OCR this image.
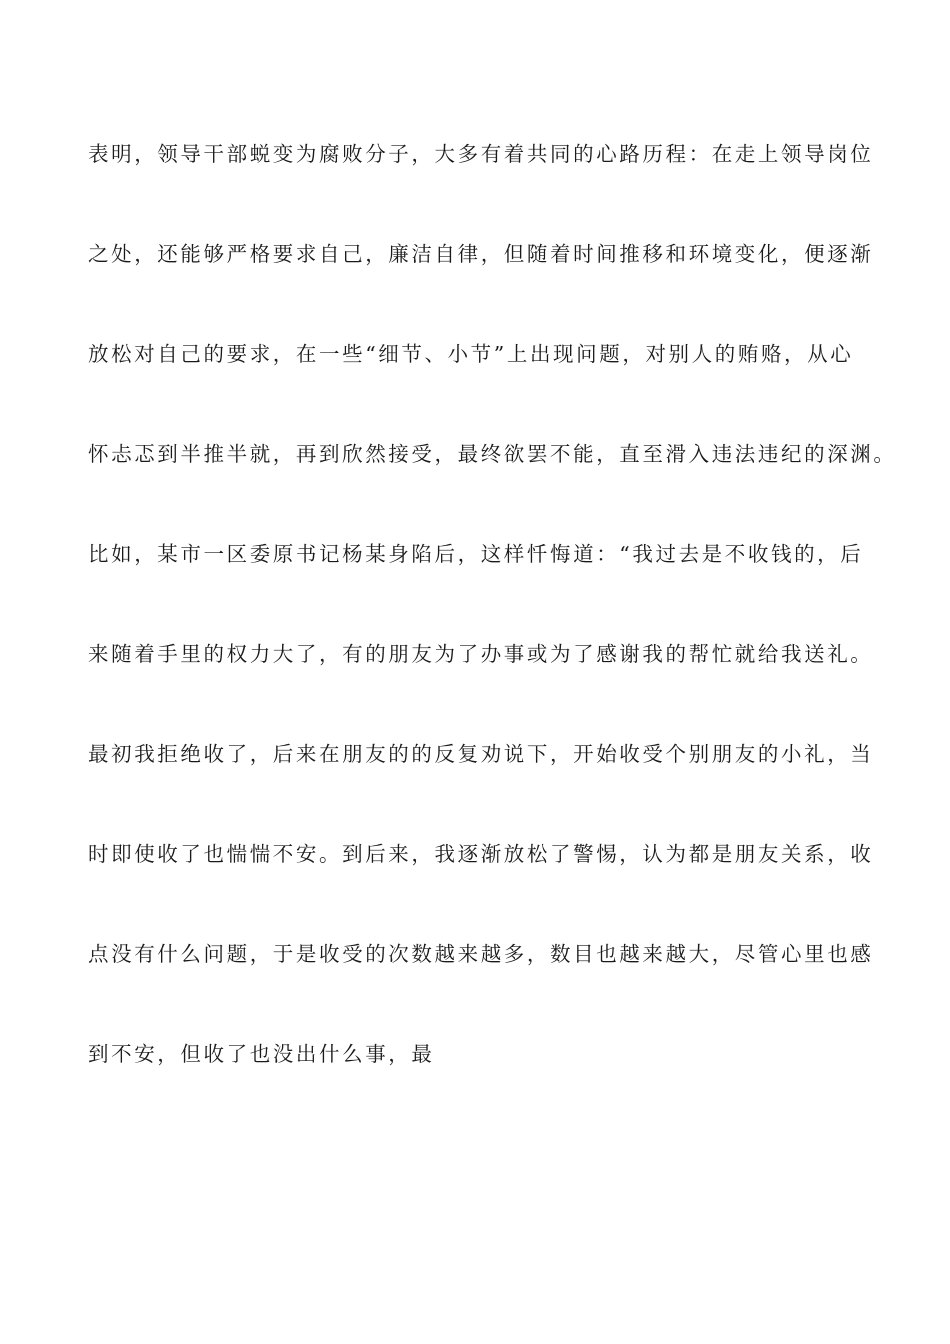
表明，领导干部蜕变为腐败分子，大多有着共同的心路历程：在走上领导岗位
之处，还能够严格要求自己，廉洁自律，但随着时间推移和环境变化，便逐渐
放松对自己的要求，在一些“细节、小节”上出现问题，对别人的贿赂，从心
怀忐忑到半推半就，再到欣然接受，最终欲罢不能，直至滑入违法违纪的深渊。
比如，某市一区委原书记杨某身陷后，这样忏悔道：“我过去是不收钱的，后
来随着手里的权力大了，有的朋友为了办事或为了感谢我的帮忙就给我送礼。
最初我拒绝收了，后来在朋友的的反复劝说下，开始收受个别朋友的小礼，当
时即使收了也惴惴不安。到后来，我逐渐放松了警惕，认为都是朋友关系，收
点没有什么问题，于是收受的次数越来越多，数目也越来越大，尽管心里也感
到不安，但收了也没出什么事，最
